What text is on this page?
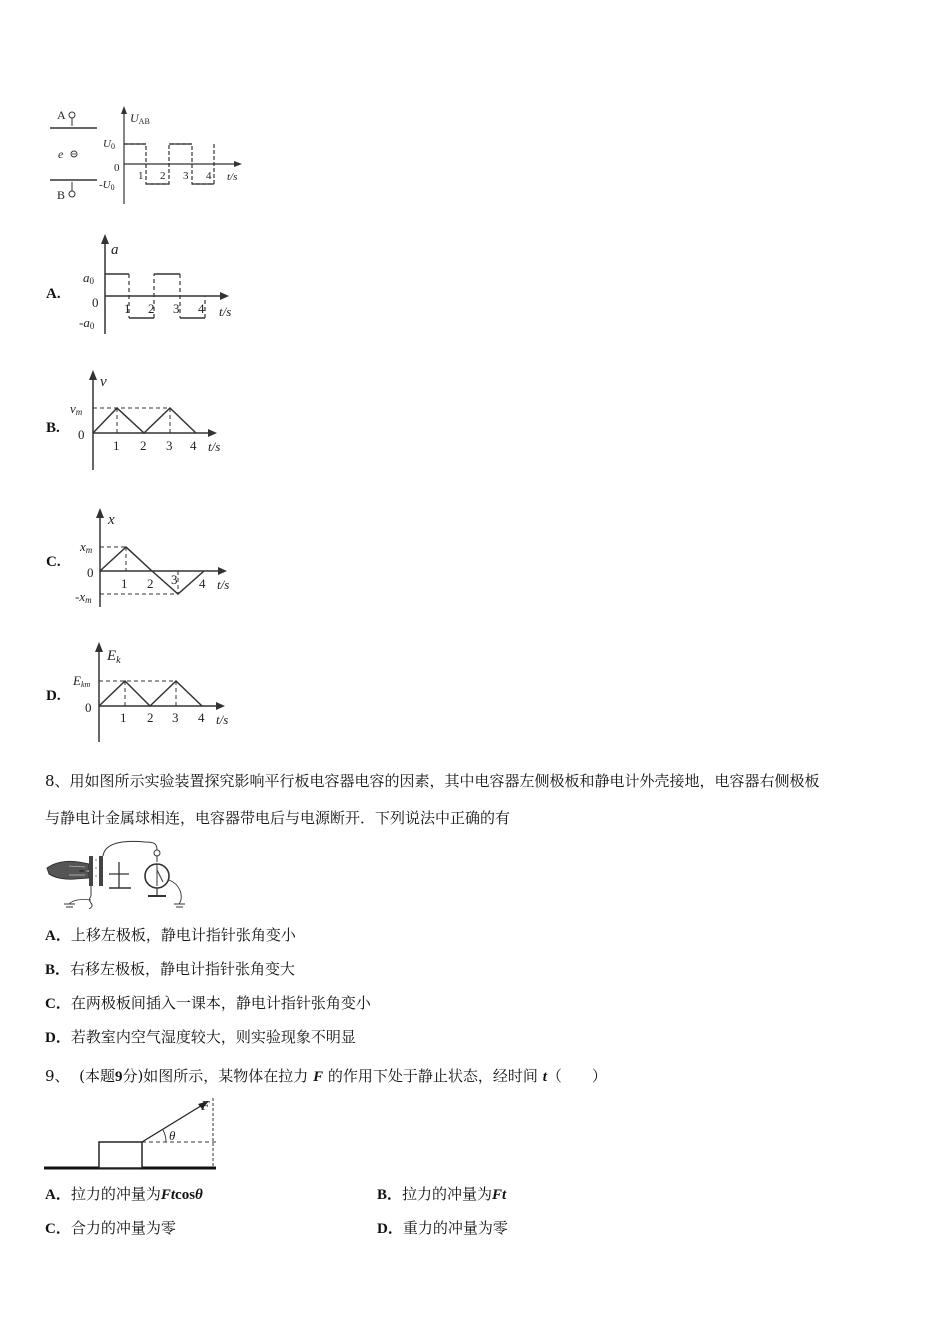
A
e
B
UAB
U0
0
-U0
1 2 3 4 t/s
A.
a
a0
0
-a0
1 2 3 4 t/s
B.
v
vm
0
1 2 3 4 t/s
C.
x
xm
0
-xm
1 2 3 4 t/s
D.
$E_k$
Ekm
0
1 2 3 4 t/s
8、用如图所示实验装置探究影响平行板电容器电容的因素，其中电容器左侧极板和静电计外壳接地，电容器右侧极板
与静电计金属球相连，电容器带电后与电源断开．下列说法中正确的有
A．上移左极板，静电计指针张角变小
B．右移左极板，静电计指针张角变大
C．在两极板间插入一课本，静电计指针张角变小
D．若教室内空气湿度较大，则实验现象不明显
9、 (本题9分)如图所示，某物体在拉力 F 的作用下处于静止状态，经时间 t（　　）
θ
F
A．拉力的冲量为Ftcosθ	B．拉力的冲量为Ft
C．合力的冲量为零	D．重力的冲量为零
